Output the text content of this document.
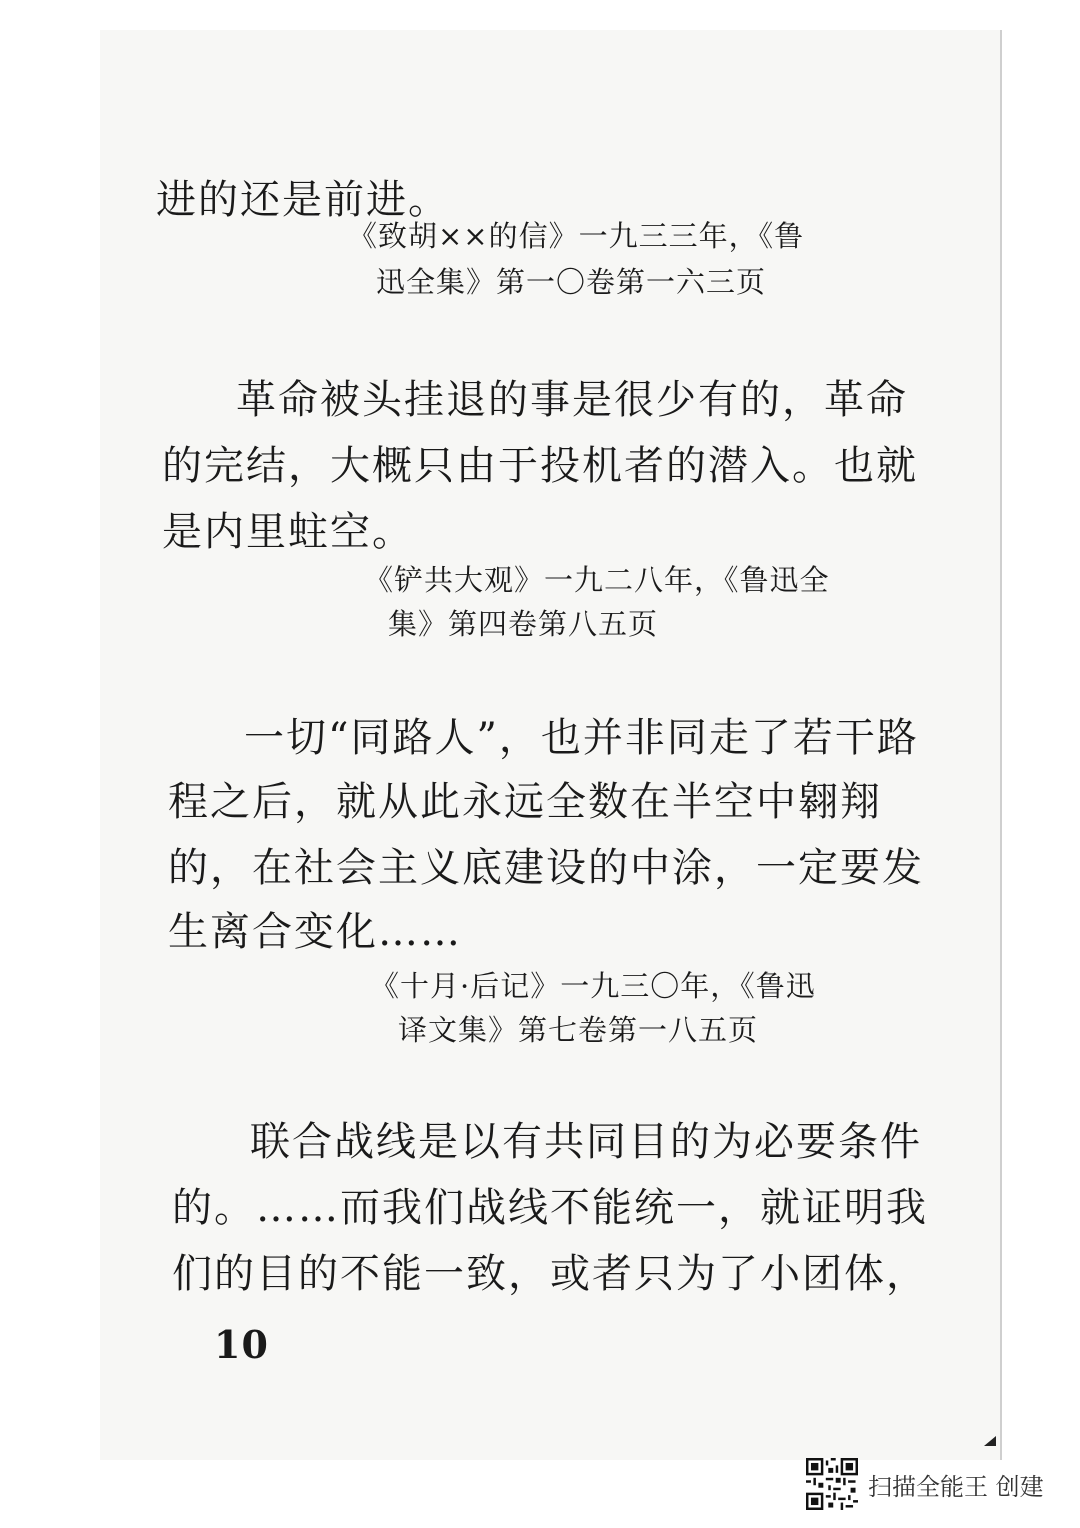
进的还是前进。

《致胡××的信》一九三三年，《鲁

迅全集》第一〇卷第一六三页

革命被头挂退的事是很少有的，革命

的完结，大概只由于投机者的潜入。也就

是内里蛀空。

《铲共大观》一九二八年，《鲁迅全

集》第四卷第八五页

一切“同路人”，也并非同走了若干路

程之后，就从此永远全数在半空中翱翔

的，在社会主义底建设的中涂，一定要发

生离合变化……

《十月·后记》一九三〇年，《鲁迅

译文集》第七卷第一八五页

联合战线是以有共同目的为必要条件

的。……而我们战线不能统一，就证明我

们的目的不能一致，或者只为了小团体，

10

扫描全能王 创建
